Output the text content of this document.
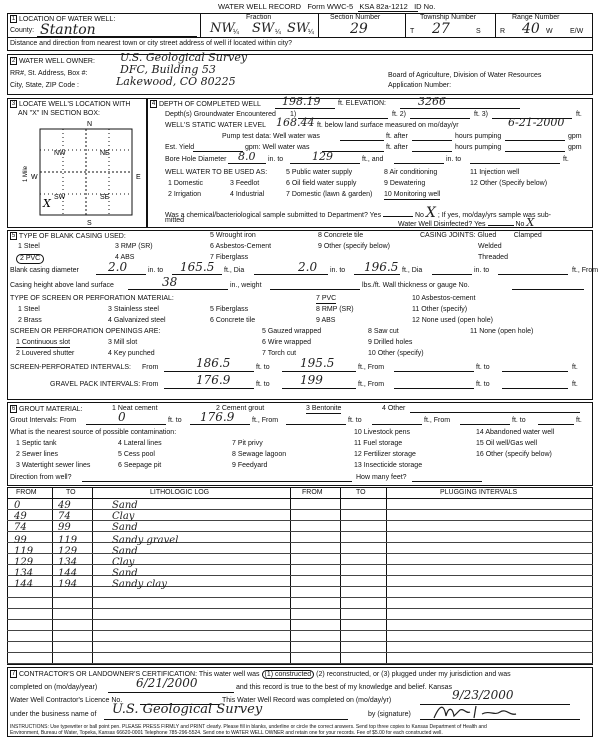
WATER WELL RECORD Form WWC-5 KSA 82a-1212 ID No.
1 LOCATION OF WATER WELL:
County: Stanton
Fraction
NW
¼ SW ¼ SW
¼
Section Number
29
Township Number
T 27	S
Range Number
R 40 W E/W
Distance and direction from nearest town or city street address of well if located within city?
2 WATER WELL OWNER: U.S. Geological Survey
RR#, St. Address, Box #:	DFC, Building 53
City, State, ZIP Code :	Lakewood, CO 80225	Board of Agriculture, Division of Water Resources
Application Number:
3 LOCATE WELL'S LOCATION WITH
AN "X" IN SECTION BOX:
N
S
W	E
1 Mile
NW	NE
SW	SE
X
4 DEPTH OF COMPLETED WELL 198.19	ft. ELEVATION:	3266
Depth(s) Groundwater Encountered 1)	ft. 2)	ft. 3)	ft.
WELL'S STATIC WATER LEVEL 168.44 ft. below land surface measured on mo/day/yr	6-21-2000
Pump test data: Well water was	ft. after	hours pumping	gpm
Est. Yield	gpm: Well water was	ft. after	hours pumping	gpm
Bore Hole Diameter 8.0 in. to	129	ft., and	in. to	ft.
WELL WATER TO BE USED AS:	5 Public water supply	8 Air conditioning	11 Injection well
1 Domestic	3 Feedlot	6 Oil field water supply	9 Dewatering	12 Other (Specify below)
2 Irrigation	4 Industrial	7 Domestic (lawn & garden) 10 Monitoring well
Was a chemical/bacteriological sample submitted to Department? Yes	No X ; If yes, mo/day/yrs sample was sub-
mitted
Water Well Disinfected? Yes	No X
5 TYPE OF BLANK CASING USED:	5 Wrought iron	8 Concrete tile	CASING JOINTS: Glued	Clamped
1 Steel	3 RMP (SR)	6 Asbestos-Cement	9 Other (specify below)	Welded
2 PVC	4 ABS	7 Fiberglass	Threaded
Blank casing diameter 2.0	in. to 165.5 ft., Dia	2.0 in. to 196.5 ft., Dia	in. to	ft., From
Casing height above land surface	38	in., weight	lbs./ft. Wall thickness or gauge No.
TYPE OF SCREEN OR PERFORATION MATERIAL:	7 PVC	10 Asbestos-cement
1 Steel	3 Stainless steel	5 Fiberglass	8 RMP (SR)	11 Other (specify)
2 Brass	4 Galvanized steel	6 Concrete tile	9 ABS	12 None used (open hole)
SCREEN OR PERFORATION OPENINGS ARE:	5 Gauzed wrapped	8 Saw cut	11 None (open hole)
1 Continuous slot	3 Mill slot	6 Wire wrapped	9 Drilled holes
2 Louvered shutter	4 Key punched	7 Torch cut	10 Other (specify)
SCREEN-PERFORATED INTERVALS: From	186.5	ft. to	195.5	ft., From	ft. to	ft.
GRAVEL PACK INTERVALS: From	176.9	ft. to	199	ft., From	ft. to	ft.
6 GROUT MATERIAL:	1 Neat cement	2 Cement grout	3 Bentonite	4 Other
Grout Intervals: From	0	ft. to 176.9	ft., From	ft. to	ft., From	ft. to	ft.
What is the nearest source of possible contamination:	10 Livestock pens	14 Abandoned water well
1 Septic tank	4 Lateral lines	7 Pit privy	11 Fuel storage	15 Oil well/Gas well
2 Sewer lines	5 Cess pool	8 Sewage lagoon	12 Fertilizer storage	16 Other (specify below)
3 Watertight sewer lines	6 Seepage pit	9 Feedyard	13 Insecticide storage
Direction from well?	How many feet?
FROM	TO	LITHOLOGIC LOG	FROM	TO	PLUGGING INTERVALS
0	49	Sand
49	74	Clay
74	99	Sand
99	119	Sandy gravel
119 129	Sand
129 134	Clay
134 144	Sand
144 194	Sandy clay
7 CONTRACTOR'S OR LANDOWNER'S CERTIFICATION: This water well was (1) constructed (2) reconstructed, or (3) plugged under my jurisdiction and was
completed on (mo/day/year)	6/21/2000	and this record is true to the best of my knowledge and belief. Kansas
Water Well Contractor's Licence No.	This Water Well Record was completed on (mo/day/yr)	9/23/2000
under the business name of U.S. Geological Survey	by (signature)
INSTRUCTIONS: Use typewriter or ball point pen. PLEASE PRESS FIRMLY and PRINT clearly. Please fill in blanks, underline or circle the correct answers. Send top three copies to Kansas Department of Health and
Environment, Bureau of Water, Topeka, Kansas 66620-0001 Telephone 785-296-5524. Send one to WATER WELL OWNER and retain one for your records. Fee of $5.00 for each constructed well.
